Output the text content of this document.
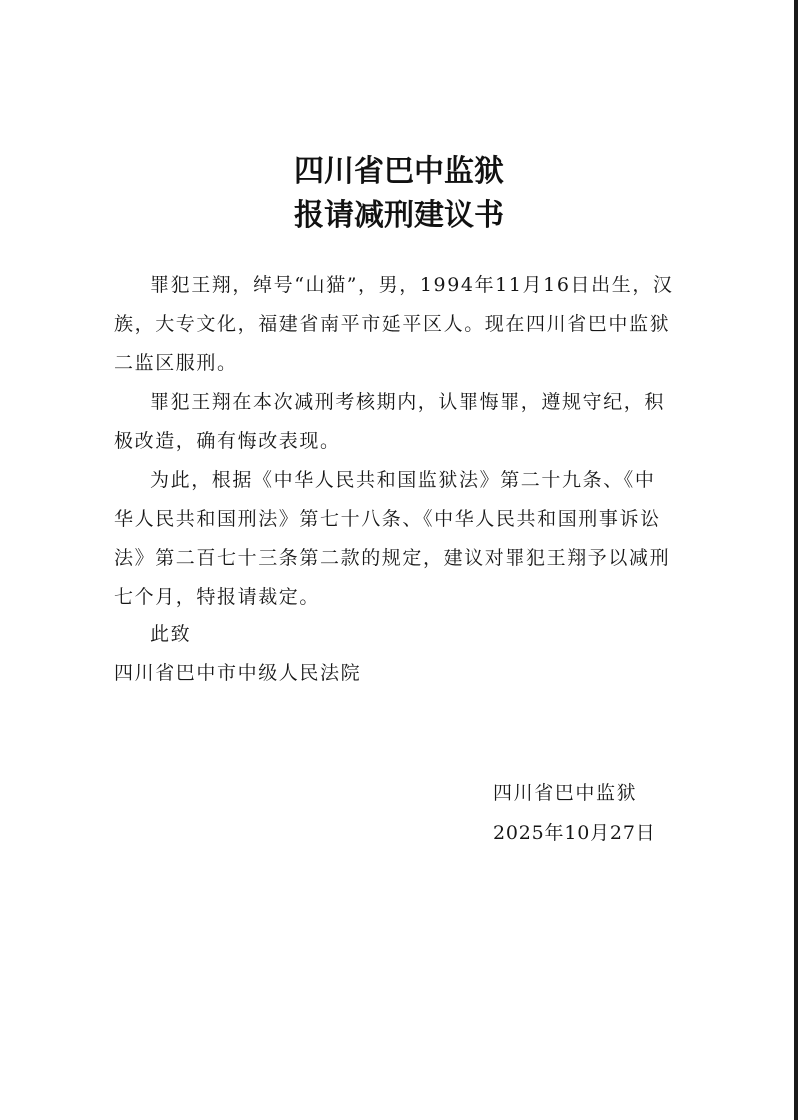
四川省巴中监狱
报请减刑建议书

罪犯王翔，绰号“山猫”，男，1994年11月16日出生，汉
族，大专文化，福建省南平市延平区人。现在四川省巴中监狱
二监区服刑。

罪犯王翔在本次减刑考核期内，认罪悔罪，遵规守纪，积
极改造，确有悔改表现。

为此，根据《中华人民共和国监狱法》第二十九条、《中
华人民共和国刑法》第七十八条、《中华人民共和国刑事诉讼
法》第二百七十三条第二款的规定，建议对罪犯王翔予以减刑
七个月，特报请裁定。

此致
四川省巴中市中级人民法院
四川省巴中监狱
2025年10月27日
